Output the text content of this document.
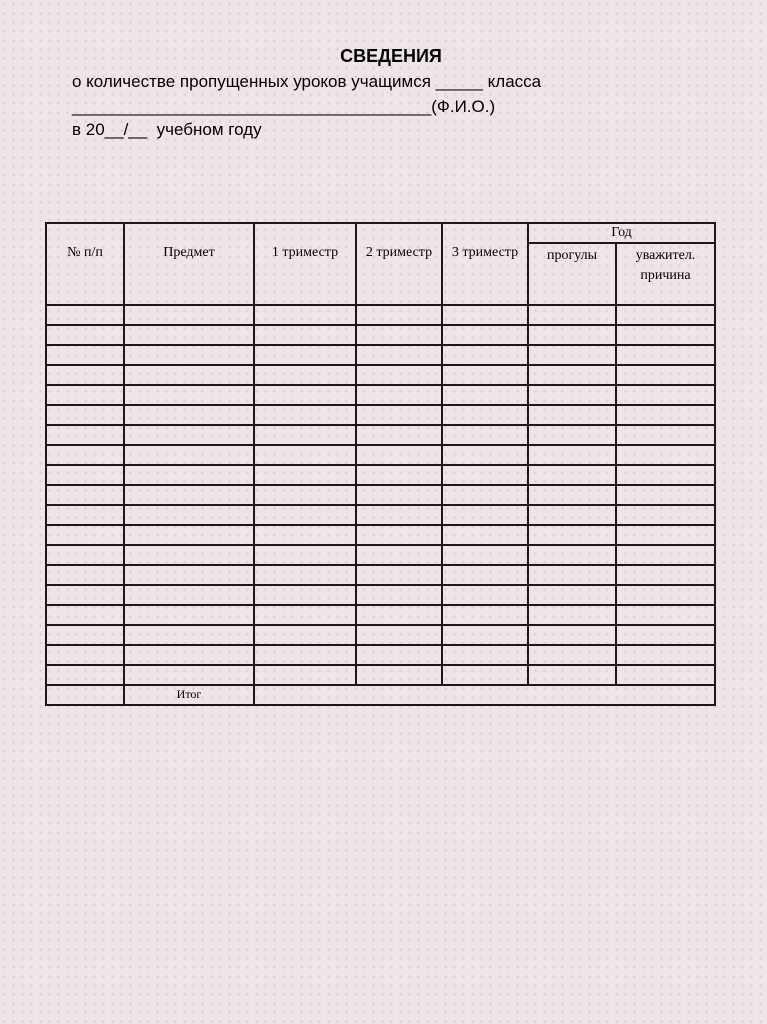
СВЕДЕНИЯ
о количестве пропущенных уроков учащимся _____ класса
______________________________________(Ф.И.О.)
в 20__/__  учебном году
№ п/п	Предмет	1 триместр	2 триместр	3 триместр	Год	
					прогулы	уважител. причина

	Итог					
